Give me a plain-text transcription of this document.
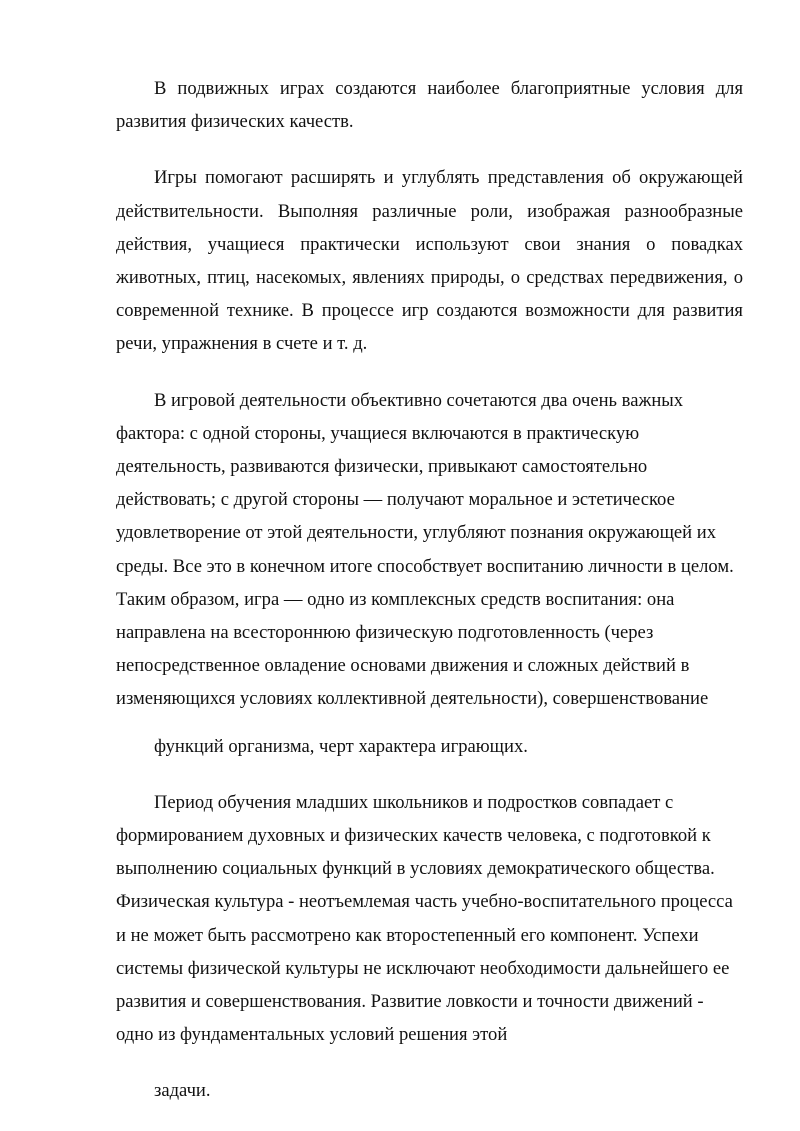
В подвижных играх создаются наиболее благоприятные условия для развития физических качеств.

Игры помогают расширять и углублять представления об окружающей действительности. Выполняя различные роли, изображая разнообразные действия, учащиеся практически используют свои знания о повадках животных, птиц, насекомых, явлениях природы, о средствах передвижения, о современной технике. В процессе игр создаются возможности для развития речи, упражнения в счете и т. д.

В игровой деятельности объективно сочетаются два очень важных фактора: с одной стороны, учащиеся включаются в практическую деятельность, развиваются физически, привыкают самостоятельно действовать; с другой стороны — получают моральное и эстетическое удовлетворение от этой деятельности, углубляют познания окружающей их среды. Все это в конечном итоге способствует воспитанию личности в целом. Таким образом, игра — одно из комплексных средств воспитания: она направлена на всестороннюю физическую подготовленность (через непосредственное овладение основами движения и сложных действий в изменяющихся условиях коллективной деятельности), совершенствование

функций организма, черт характера играющих.

Период обучения младших школьников и подростков совпадает с формированием духовных и физических качеств человека, с подготовкой к выполнению социальных функций в условиях демократического общества. Физическая культура - неотъемлемая часть учебно-воспитательного процесса и не может быть рассмотрено как второстепенный его компонент. Успехи системы физической культуры не исключают необходимости дальнейшего ее развития и совершенствования. Развитие ловкости и точности движений - одно из фундаментальных условий решения этой

задачи.
